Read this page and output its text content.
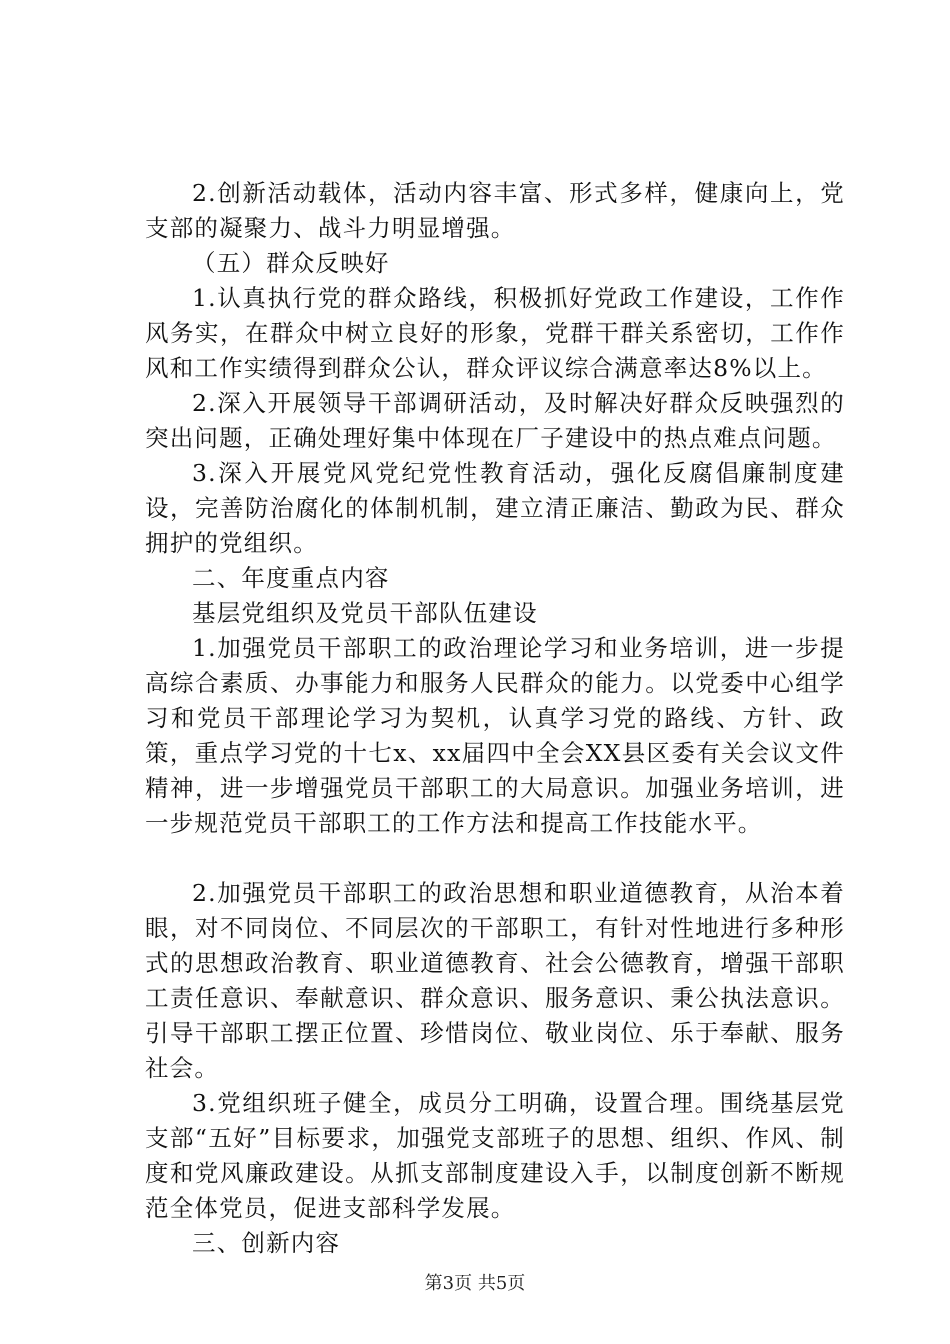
2.创新活动载体，活动内容丰富、形式多样，健康向上，党支部的凝聚力、战斗力明显增强。

（五）群众反映好

1.认真执行党的群众路线，积极抓好党政工作建设，工作作风务实，在群众中树立良好的形象，党群干群关系密切，工作作风和工作实绩得到群众公认，群众评议综合满意率达8%以上。

2.深入开展领导干部调研活动，及时解决好群众反映强烈的突出问题，正确处理好集中体现在厂子建设中的热点难点问题。

3.深入开展党风党纪党性教育活动，强化反腐倡廉制度建设，完善防治腐化的体制机制，建立清正廉洁、勤政为民、群众拥护的党组织。

二、年度重点内容

基层党组织及党员干部队伍建设

1.加强党员干部职工的政治理论学习和业务培训，进一步提高综合素质、办事能力和服务人民群众的能力。以党委中心组学习和党员干部理论学习为契机，认真学习党的路线、方针、政策，重点学习党的十七x、xx届四中全会XX县区委有关会议文件精神，进一步增强党员干部职工的大局意识。加强业务培训，进一步规范党员干部职工的工作方法和提高工作技能水平。

2.加强党员干部职工的政治思想和职业道德教育，从治本着眼，对不同岗位、不同层次的干部职工，有针对性地进行多种形式的思想政治教育、职业道德教育、社会公德教育，增强干部职工责任意识、奉献意识、群众意识、服务意识、秉公执法意识。引导干部职工摆正位置、珍惜岗位、敬业岗位、乐于奉献、服务社会。

3.党组织班子健全，成员分工明确，设置合理。围绕基层党支部“五好”目标要求，加强党支部班子的思想、组织、作风、制度和党风廉政建设。从抓支部制度建设入手，以制度创新不断规范全体党员，促进支部科学发展。

三、创新内容

第3页 共5页
